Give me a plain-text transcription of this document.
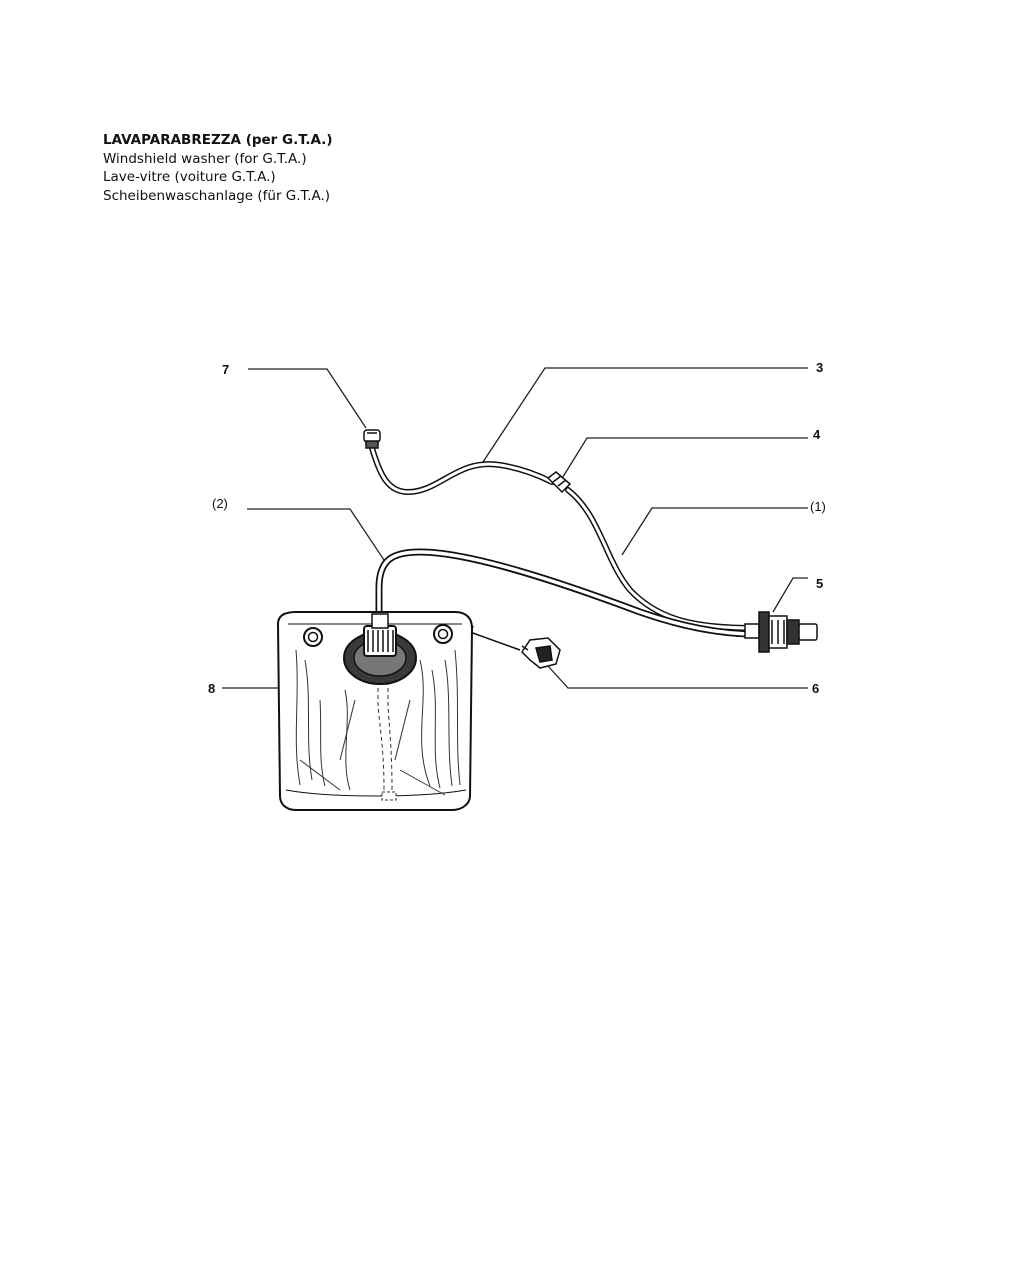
LAVAPARABREZZA (per G.T.A.)
Windshield washer (for G.T.A.)
Lave-vitre (voiture G.T.A.)
Scheibenwaschanlage (für G.T.A.)
7	3
4
(2)	(1)
5
8	6
